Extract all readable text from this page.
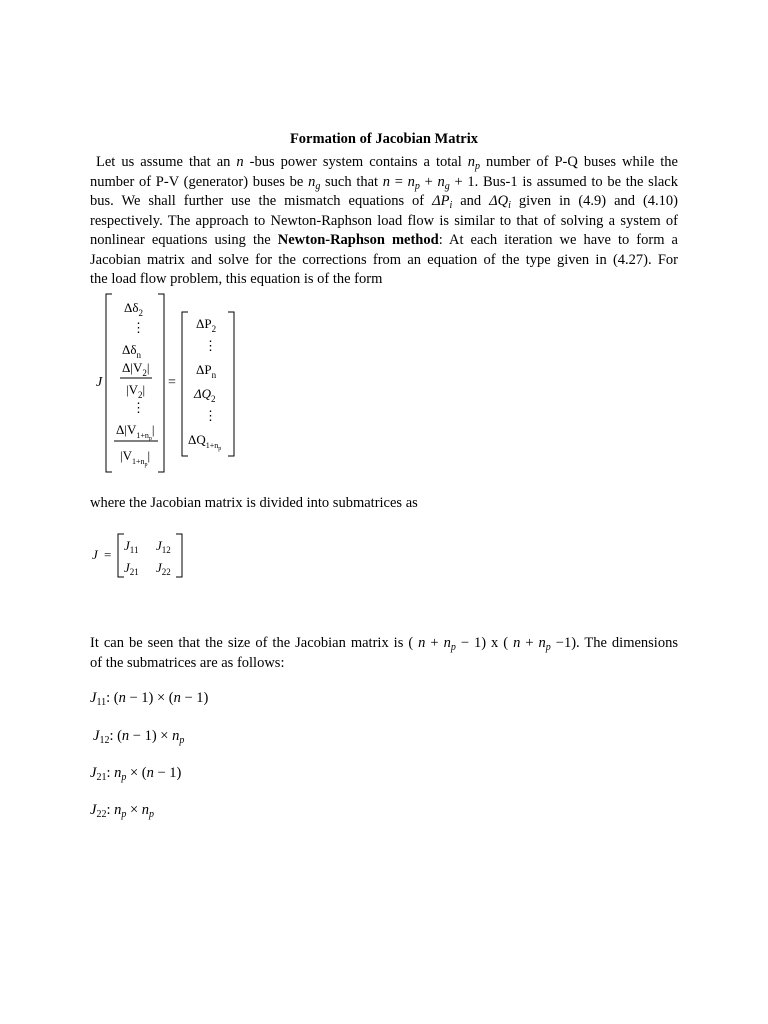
Formation of Jacobian Matrix
Let us assume that an n -bus power system contains a total $n_p$ number of P-Q buses while the
number of P-V (generator) buses be $n_g$ such that $n = n_p + n_g + 1$. Bus-1 is assumed to be the slack
bus. We shall further use the mismatch equations of $\Delta P_i$ and $\Delta Q_i$ given in (4.9) and (4.10)
respectively. The approach to Newton-Raphson load flow is similar to that of solving a system of
nonlinear equations using the Newton-Raphson method: At each iteration we have to form a
Jacobian matrix and solve for the corrections from an equation of the type given in (4.27). For
the load flow problem, this equation is of the form
J
$\Delta\delta_2$
⋮
$\Delta\delta_n$
$\Delta|V_2|$
$|V_2|$
⋮
$\Delta|V_{1+n}p|$
$|V_{1+n}p|$
=
$\Delta P_2$
⋮
$\Delta P_n$
$\Delta Q_2$
⋮
$\Delta Q_{1+n}p$
where the Jacobian matrix is divided into submatrices as
J =
$J_{11}$ $J_{12}$
$J_{21}$ $J_{22}$
It can be seen that the size of the Jacobian matrix is ( $n + n_p - 1$) x ( $n + n_p -1$). The dimensions
of the submatrices are as follows:
$J_{11}$: (n − 1) × (n − 1)
$J_{12}$: $(n - 1) \times n_p$
$J_{21}$: $n_p \times (n - 1)$
$J_{22}$: $n_p \times n_p$
